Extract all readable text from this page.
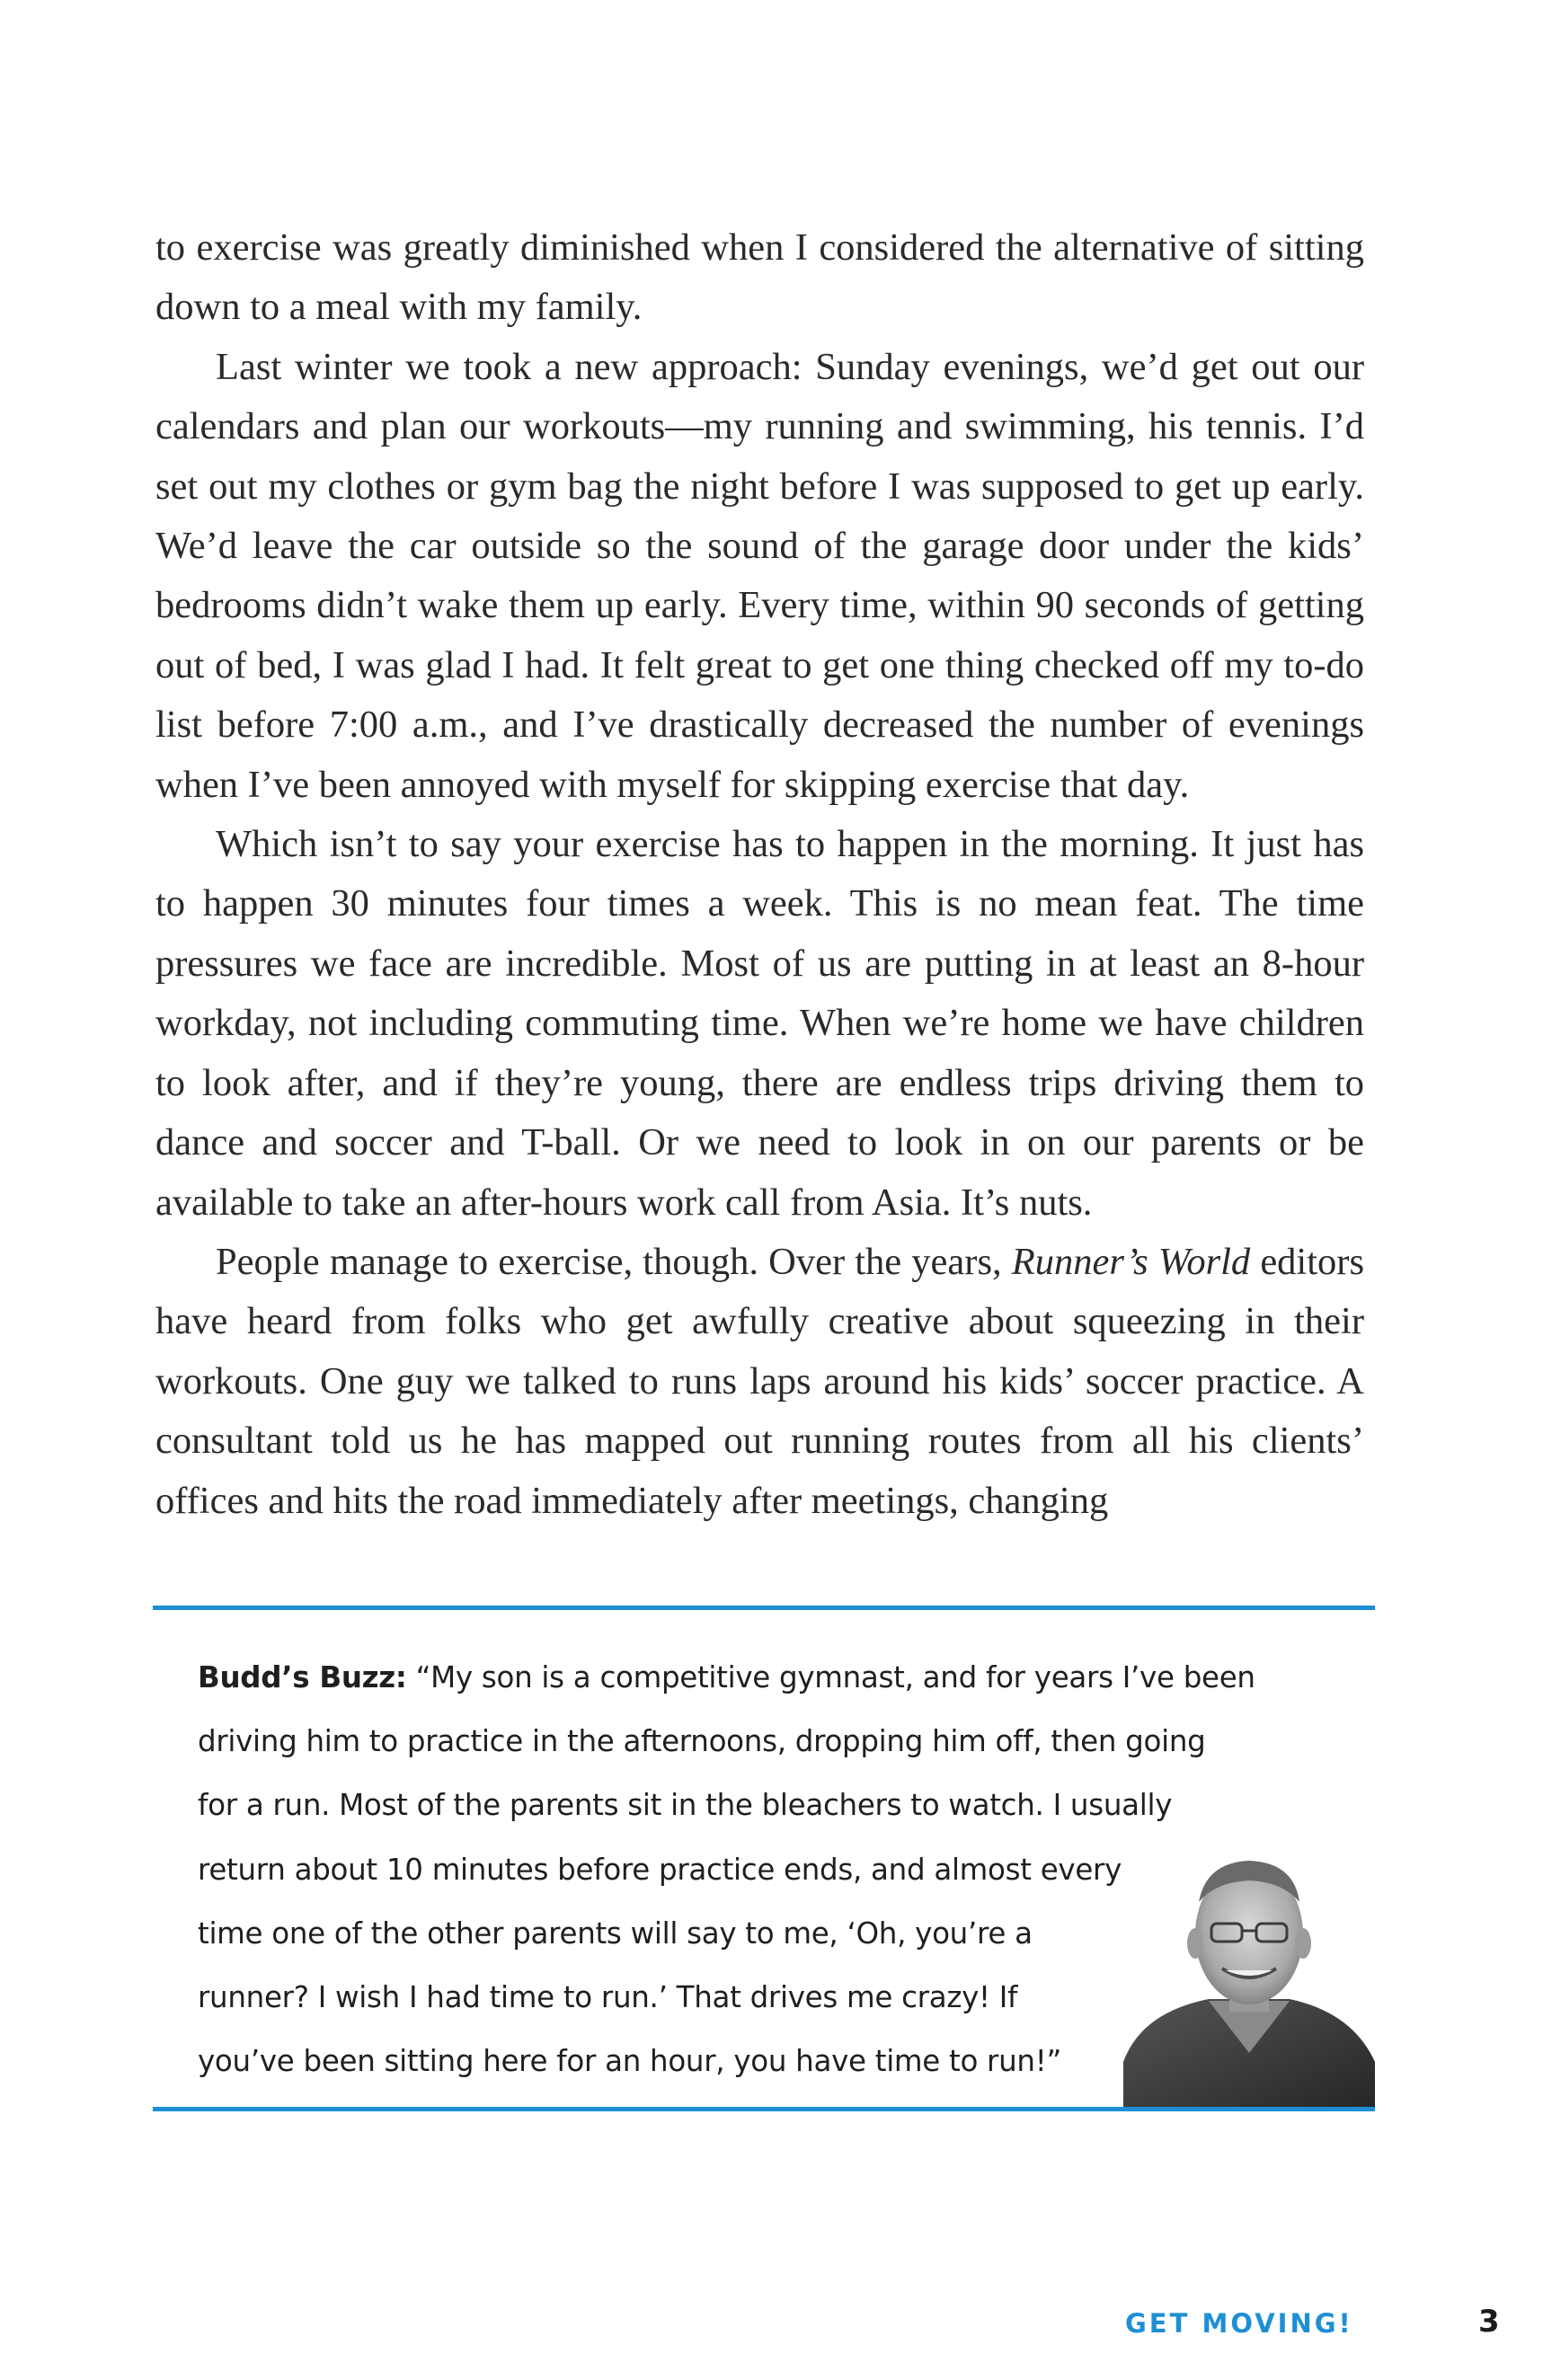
to exercise was greatly diminished when I considered the alternative of sitting down to a meal with my family.

Last winter we took a new approach: Sunday evenings, we’d get out our calendars and plan our workouts—my running and swimming, his tennis. I’d set out my clothes or gym bag the night before I was supposed to get up early. We’d leave the car outside so the sound of the garage door under the kids’ bedrooms didn’t wake them up early. Every time, within 90 seconds of getting out of bed, I was glad I had. It felt great to get one thing checked off my to-do list before 7:00 a.m., and I’ve drastically decreased the number of evenings when I’ve been annoyed with myself for skipping exercise that day.

Which isn’t to say your exercise has to happen in the morning. It just has to happen 30 minutes four times a week. This is no mean feat. The time pressures we face are incredible. Most of us are putting in at least an 8-hour workday, not including commuting time. When we’re home we have children to look after, and if they’re young, there are endless trips driving them to dance and soccer and T-ball. Or we need to look in on our parents or be available to take an after-hours work call from Asia. It’s nuts.

People manage to exercise, though. Over the years, Runner’s World editors have heard from folks who get awfully creative about squeezing in their workouts. One guy we talked to runs laps around his kids’ soccer practice. A consultant told us he has mapped out running routes from all his clients’ offices and hits the road immediately after meetings, changing

Budd’s Buzz: “My son is a competitive gymnast, and for years I’ve been
driving him to practice in the afternoons, dropping him off, then going
for a run. Most of the parents sit in the bleachers to watch. I usually
return about 10 minutes before practice ends, and almost every
time one of the other parents will say to me, ‘Oh, you’re a
runner? I wish I had time to run.’ That drives me crazy! If
you’ve been sitting here for an hour, you have time to run!”
GET MOVING!	3
